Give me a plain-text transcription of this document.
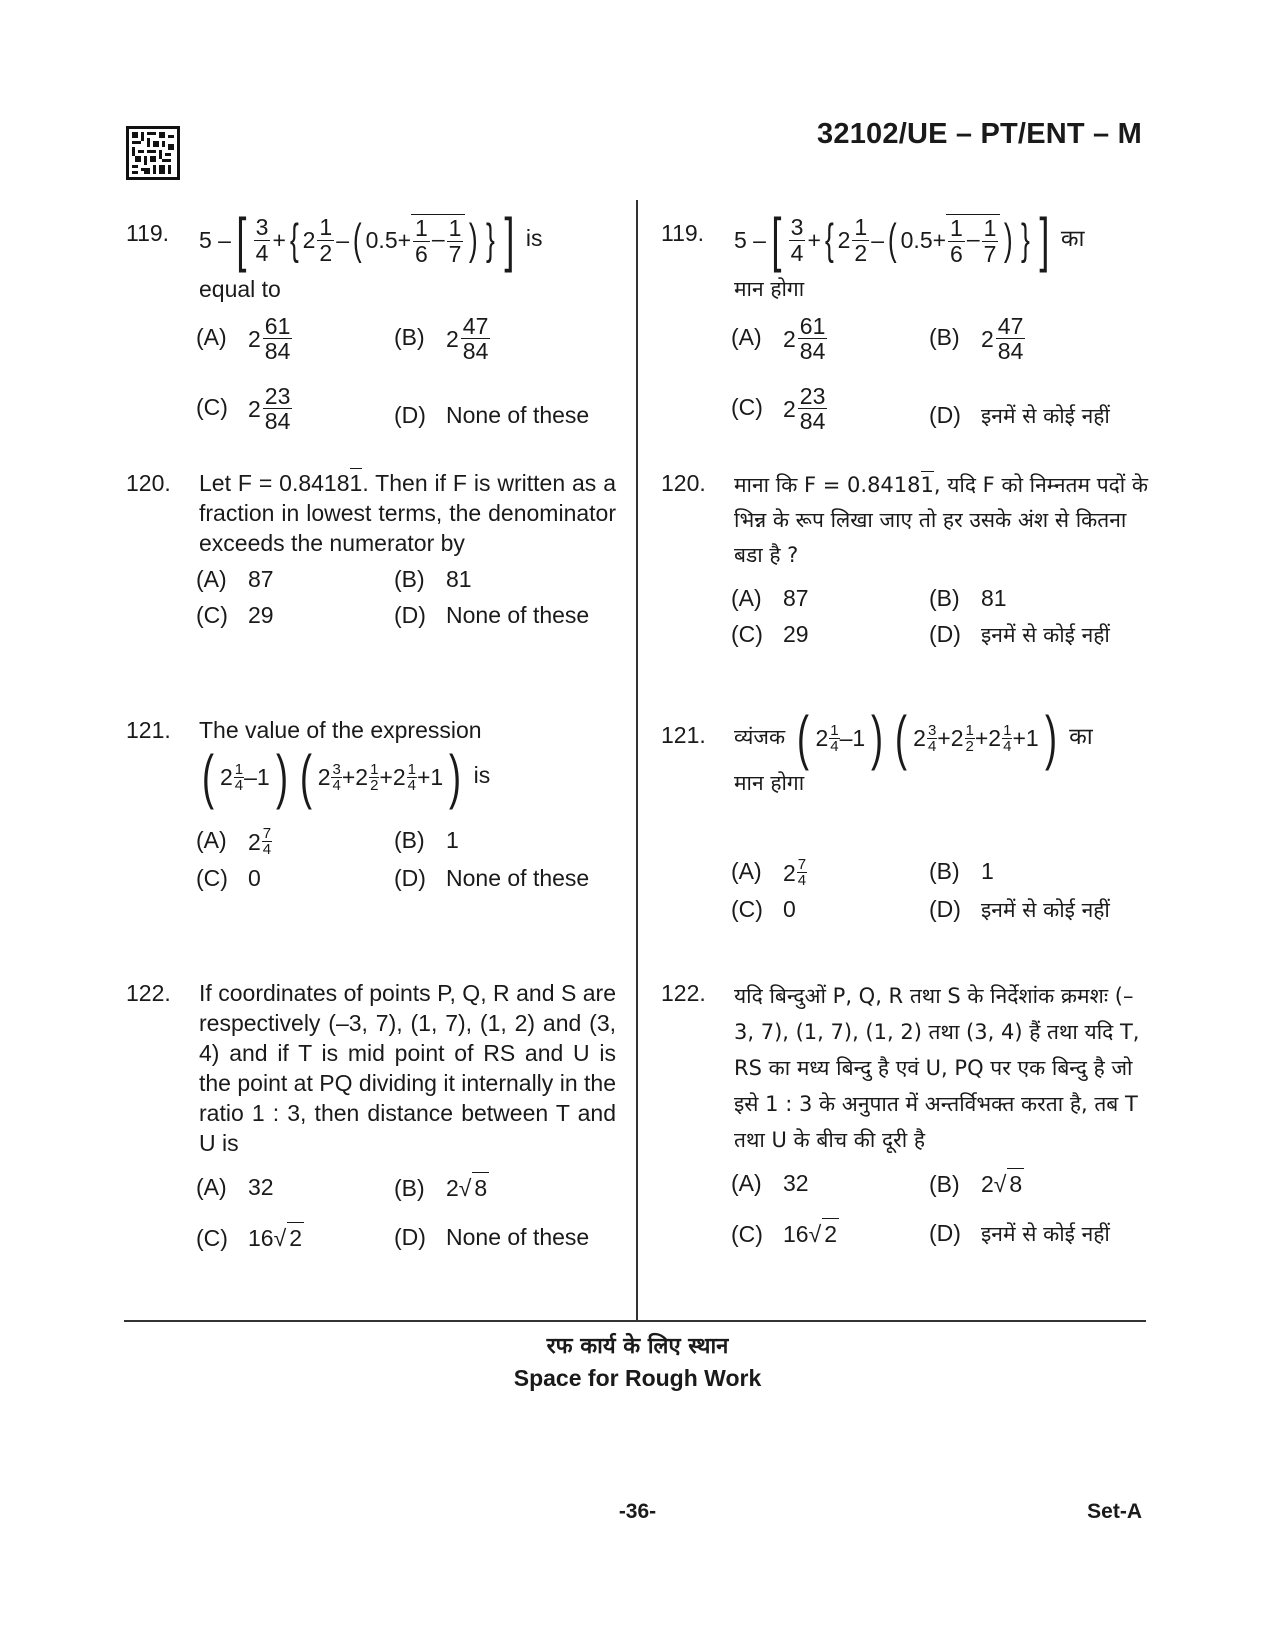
32102/UE – PT/ENT – M
119. 5 – [ $\frac{3}{4}$ + { $2 \frac{1}{2}$ – ( $0.5+ \frac{1}{6} - \frac{1}{7}$ ) } ] is
equal to
(A) $2 \frac{61}{84}$	(B) $2 \frac{47}{84}$
(C) $2 \frac{23}{84}$	(D) None of these
120. Let F = 0.84181. Then if F is written as a fraction in lowest terms, the denominator exceeds the numerator by
(A) 87	(B) 81
(C) 29	(D) None of these
121. The value of the expression
( 2 1
4 –1 ) ( 2 3
4 +2 1
2 +2 1
4 +1 ) is
(A) 2 7
4	(B) 1
(C) 0	(D) None of these
122. If coordinates of points P, Q, R and S are respectively (–3, 7), (1, 7), (1, 2) and (3, 4) and if T is mid point of RS and U is the point at PQ dividing it internally in the ratio 1 : 3, then distance between T and U is
(A) 32	(B) 2√ 8
(C) 16√ 2	(D) None of these
119. 5 – [ $\frac{3}{4}$ + { $2 \frac{1}{2}$ – ( $0.5+ \frac{1}{6} - \frac{1}{7}$ ) } ] का
मान होगा
(A) $2 \frac{61}{84}$	(B) $2 \frac{47}{84}$
(C) $2 \frac{23}{84}$	(D) इनमें से कोई नहीं
120. माना कि F = 0.84181, यदि F को निम्नतम पदों के भिन्न के रूप लिखा जाए तो हर उसके अंश से कितना बडा है ?
(A) 87	(B) 81
(C) 29	(D) इनमें से कोई नहीं
121. व्यंजक ( 2 1
4 –1 ) ( 2 3
4 +2 1
2 +2 1
4 +1 ) का
मान होगा
(A) 2 7
4	(B) 1
(C) 0	(D) इनमें से कोई नहीं
122. यदि बिन्दुओं P, Q, R तथा S के निर्देशांक क्रमशः (–3, 7), (1, 7), (1, 2) तथा (3, 4) हैं तथा यदि T, RS का मध्य बिन्दु है एवं U, PQ पर एक बिन्दु है जो इसे 1 : 3 के अनुपात में अन्तर्विभक्त करता है, तब T तथा U के बीच की दूरी है
(A) 32	(B) 2√ 8
(C) 16√ 2	(D) इनमें से कोई नहीं
रफ कार्य के लिए स्थान
Space for Rough Work
-36-	Set-A
